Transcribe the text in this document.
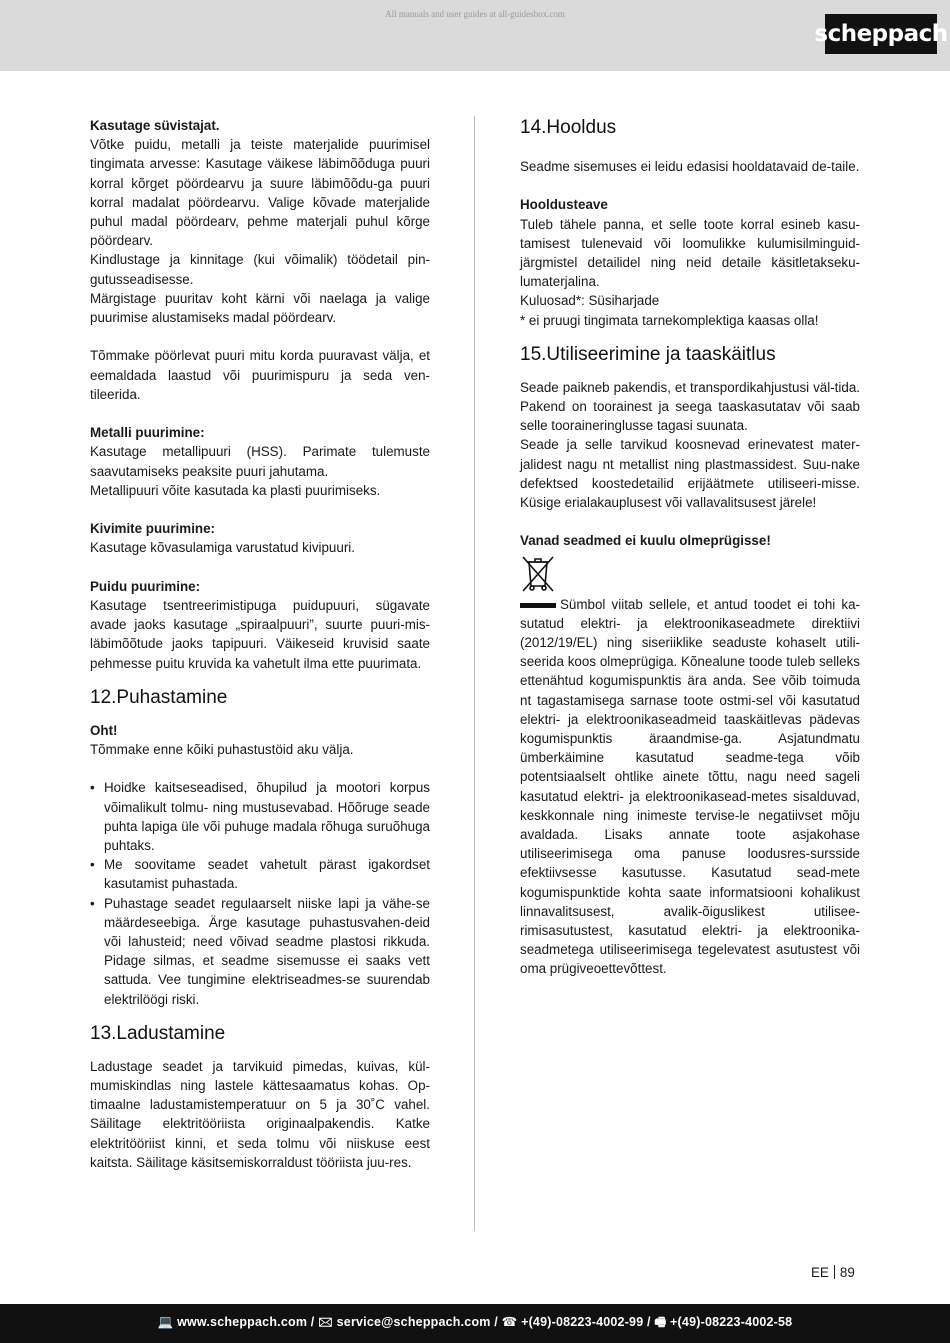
All manuals and user guides at all-guidesbox.com
scheppach

Kasutage süvistajat.

Võtke puidu, metalli ja teiste materjalide puurimisel tingimata arvesse: Kasutage väikese läbimõõduga puuri korral kõrget pöördearvu ja suure läbimõõdu-ga puuri korral madalat pöördearvu. Valige kõvade materjalide puhul madal pöördearv, pehme materjali puhul kõrge pöördearv.

Kindlustage ja kinnitage (kui võimalik) töödetail pin-gutusseadisesse.

Märgistage puuritav koht kärni või naelaga ja valige puurimise alustamiseks madal pöördearv.

Tõmmake pöörlevat puuri mitu korda puuravast välja, et eemaldada laastud või puurimispuru ja seda ven-tileerida.

Metalli puurimine:

Kasutage metallipuuri (HSS). Parimate tulemuste saavutamiseks peaksite puuri jahutama.

Metallipuuri võite kasutada ka plasti puurimiseks.

Kivimite puurimine:

Kasutage kõvasulamiga varustatud kivipuuri.

Puidu puurimine:

Kasutage tsentreerimistipuga puidupuuri, sügavate avade jaoks kasutage „spiraalpuuri”, suurte puuri-mis-läbimõõtude jaoks tapipuuri. Väikeseid kruvisid saate pehmesse puitu kruvida ka vahetult ilma ette puurimata.

12.Puhastamine

Oht!

Tõmmake enne kõiki puhastustöid aku välja.

• Hoidke kaitseseadised, õhupilud ja mootori korpus võimalikult tolmu- ning mustusevabad. Hõõruge seade puhta lapiga üle või puhuge madala rõhuga suruõhuga puhtaks.
• Me soovitame seadet vahetult pärast igakordset kasutamist puhastada.
• Puhastage seadet regulaarselt niiske lapi ja vähe-se määrdeseebiga. Ärge kasutage puhastusvahen-deid või lahusteid; need võivad seadme plastosi rikkuda. Pidage silmas, et seadme sisemusse ei saaks vett sattuda. Vee tungimine elektriseadmes-se suurendab elektrilöögi riski.
13.Ladustamine

Ladustage seadet ja tarvikuid pimedas, kuivas, kül-mumiskindlas ning lastele kättesaamatus kohas. Op-timaalne ladustamistemperatuur on 5 ja 30˚C vahel. Säilitage elektritööriista originaalpakendis. Katke elektritööriist kinni, et seda tolmu või niiskuse eest kaitsta. Säilitage käsitsemiskorraldust tööriista juu-res.

14.Hooldus

Seadme sisemuses ei leidu edasisi hooldatavaid de-taile.

Hooldusteave

Tuleb tähele panna, et selle toote korral esineb kasu-tamisest tulenevaid või loomulikke kulumisilminguid-järgmistel detailidel ning neid detaile käsitletakseku-lumaterjalina.

Kuluosad*: Süsiharjade

* ei pruugi tingimata tarnekomplektiga kaasas olla!

15.Utiliseerimine ja taaskäitlus

Seade paikneb pakendis, et transpordikahjustusi väl-tida. Pakend on toorainest ja seega taaskasutatav või saab selle tooraineringlusse tagasi suunata.

Seade ja selle tarvikud koosnevad erinevatest mater-jalidest nagu nt metallist ning plastmassidest. Suu-nake defektsed koostedetailid erijäätmete utiliseeri-misse. Küsige erialakauplusest või vallavalitsusest järele!

Vanad seadmed ei kuulu olmeprügisse!

Sümbol viitab sellele, et antud toodet ei tohi ka-sutatud elektri- ja elektroonikaseadmete direktiivi (2012/19/EL) ning siseriiklike seaduste kohaselt utili-seerida koos olmeprügiga. Kõnealune toode tuleb selleks ettenähtud kogumispunktis ära anda. See võib toimuda nt tagastamisega sarnase toote ostmi-sel või kasutatud elektri- ja elektroonikaseadmeid taaskäitlevas pädevas kogumispunktis äraandmise-ga. Asjatundmatu ümberkäimine kasutatud seadme-tega võib potentsiaalselt ohtlike ainete tõttu, nagu need sageli kasutatud elektri- ja elektroonikasead-metes sisalduvad, keskkonnale ning inimeste tervise-le negatiivset mõju avaldada. Lisaks annate toote asjakohase utiliseerimisega oma panuse loodusres-sursside efektiivsesse kasutusse. Kasutatud sead-mete kogumispunktide kohta saate informatsiooni kohalikust linnavalitsusest, avalik-õiguslikest utilisee-rimisasutustest, kasutatud elektri- ja elektroonika-seadmetega utiliseerimisega tegelevatest asutustest või oma prügiveoettevõttest.

EE 89
💻 www.scheppach.com / 🖂 service@scheppach.com / ☎ +(49)-08223-4002-99 / 🖷 +(49)-08223-4002-58
